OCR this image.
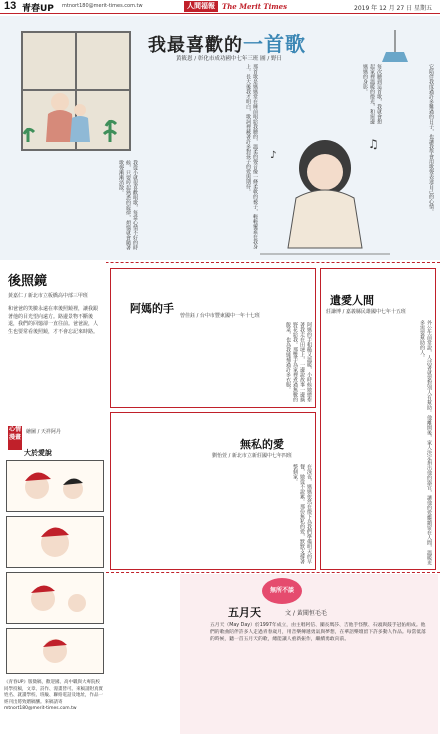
13 青春UP mtnort180@merit-times.com.tw	人間福報	The Merit Times	2019 年 12 月 27 日 星期五
我最喜歡的一首歌
黃筱恩 / 彰化市成功國中七年三班 圖 / 野日
我從小就很喜歡唱歌，每當心情不好的時候，只要哼起熟悉的旋律，煩惱就會隨著歌聲漸漸消散。	那首歌是媽媽常在睡前唱給我聽的，溫柔的聲音像一條柔軟的被子，輕輕覆蓋在我身上。長大後我才明白，歌詞裡藏著許多對孩子的愛與期待。	每次聽到這首歌，我就會想起家裡溫暖的燈光，和窗邊媽媽的身影。	它陪伴我度過許多難過的日子，也讓我學會用歌聲表達自己的心情。
♫
♪
後照鏡
黃嘉仁 / 新北市立板橋高中部三甲班
和爸爸的笑臉永遠在車後照鏡裡，讓我跟著他的目光望向遠方。路邊景物不斷後退，我們的回憶卻一直往前。爸爸說，人生也要常看後照鏡，才不會忘記來時路。
心情漫畫
繪圖 / 天祥阿丹
大於愛說
《青春UP》版徵稿，歡迎國、高中職與大專院校同學投稿，文章、詩作、漫畫皆可。來稿請附真實姓名、就讀學校、班級、聯絡電話及地址，作品一經刊出將致贈稿酬。來稿請寄 mtnort180@merit-times.com.tw
阿媽的手
曾佳鈺 / 台中市豐東國中一年十七班
阿媽的手粗糙又溫暖，小時候她總牽著我走在田埂上，一邊說故事一邊摘野花給我。那雙手為家裡煮過無數的飯菜，也為我縫補過許多衣服。
無私的愛
劉怡萱 / 新北市立新莊國中七年四班
在深夜，媽媽依然在燈下為我們準備明天的早餐，她從不說累。那份無私的愛，默默支撐著整個家。
遺愛人間
莊謙博 / 嘉義縣民雄國中七年十五班
外公生前常說，人活著就要對別人有幫助。他離開後，家人決定捐出他的器官，讓他的愛繼續留在人間，溫暖更多需要幫助的人。
無所不談
五月天	文 / 黃聞恒毛毛
五月天（May Day）於1997年成立，由主唱阿信、團長瑪莎、吉他手怪獸、石頭與鼓手冠佑組成。他們的歌曲陪伴許多人走過青春歲月，用音樂傳遞勇氣與夢想，在華語樂壇留下許多動人作品。每當低落的時候，聽一首五月天的歌，總能讓人重新振作，繼續勇敢向前。
